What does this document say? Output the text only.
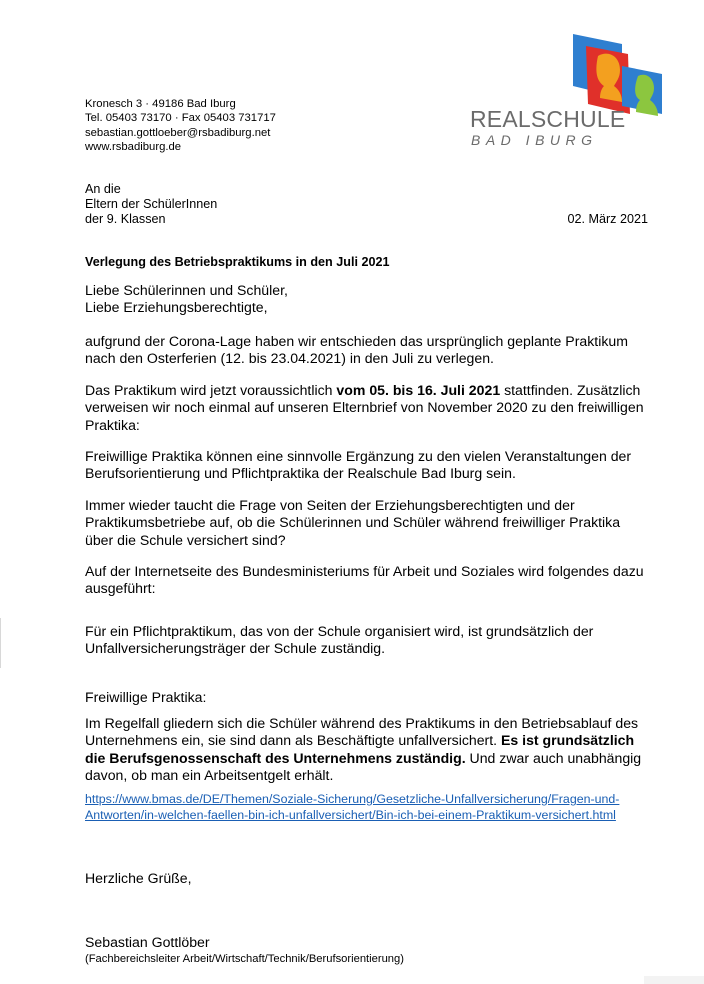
Kronesch 3 · 49186 Bad Iburg
Tel. 05403 73170 · Fax 05403 731717
sebastian.gottloeber@rsbadiburg.net
www.rsbadiburg.de
REALSCHULE
BAD IBURG
An die
Eltern der SchülerInnen
der 9. Klassen	02. März 2021
Verlegung des Betriebspraktikums in den Juli 2021
Liebe Schülerinnen und Schüler,
Liebe Erziehungsberechtigte,
aufgrund der Corona-Lage haben wir entschieden das ursprünglich geplante Praktikum
nach den Osterferien (12. bis 23.04.2021) in den Juli zu verlegen.
Das Praktikum wird jetzt voraussichtlich vom 05. bis 16. Juli 2021 stattfinden. Zusätzlich
verweisen wir noch einmal auf unseren Elternbrief von November 2020 zu den freiwilligen
Praktika:
Freiwillige Praktika können eine sinnvolle Ergänzung zu den vielen Veranstaltungen der
Berufsorientierung und Pflichtpraktika der Realschule Bad Iburg sein.
Immer wieder taucht die Frage von Seiten der Erziehungsberechtigten und der
Praktikumsbetriebe auf, ob die Schülerinnen und Schüler während freiwilliger Praktika
über die Schule versichert sind?
Auf der Internetseite des Bundesministeriums für Arbeit und Soziales wird folgendes dazu
ausgeführt:
Für ein Pflichtpraktikum, das von der Schule organisiert wird, ist grundsätzlich der
Unfallversicherungsträger der Schule zuständig.
Freiwillige Praktika:
Im Regelfall gliedern sich die Schüler während des Praktikums in den Betriebsablauf des
Unternehmens ein, sie sind dann als Beschäftigte unfallversichert. Es ist grundsätzlich
die Berufsgenossenschaft des Unternehmens zuständig. Und zwar auch unabhängig
davon, ob man ein Arbeitsentgelt erhält.
https://www.bmas.de/DE/Themen/Soziale-Sicherung/Gesetzliche-Unfallversicherung/Fragen-und-
Antworten/in-welchen-faellen-bin-ich-unfallversichert/Bin-ich-bei-einem-Praktikum-versichert.html
Herzliche Grüße,
Sebastian Gottlöber
(Fachbereichsleiter Arbeit/Wirtschaft/Technik/Berufsorientierung)
